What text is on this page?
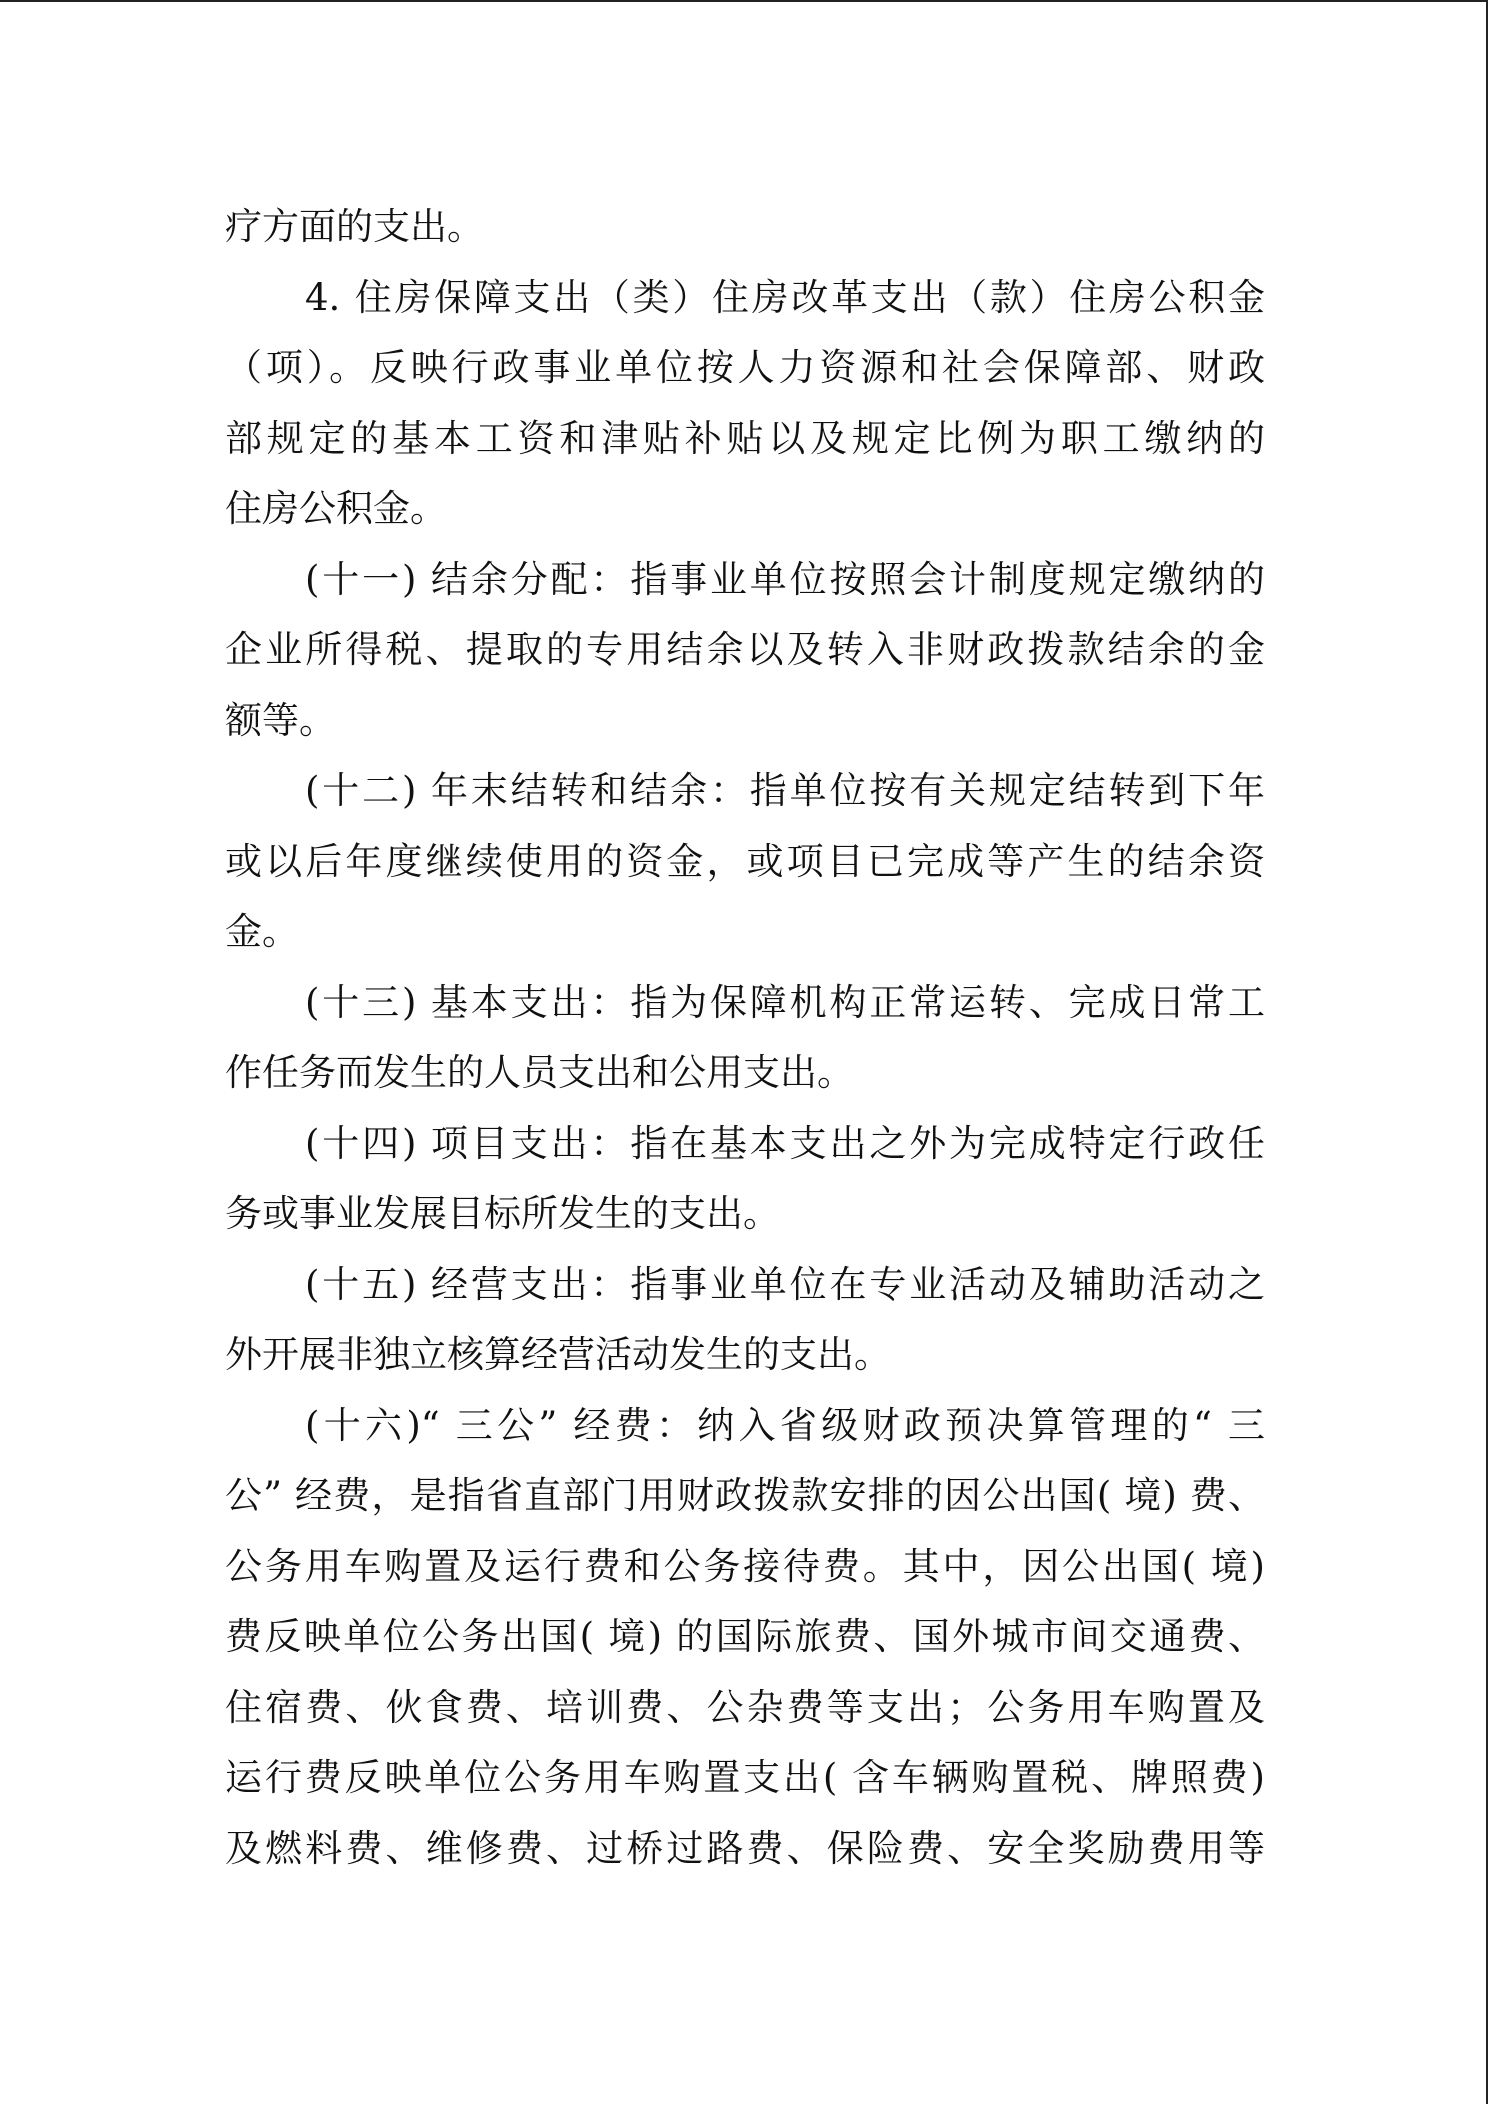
疗方面的支出。
4. 住房保障支出（类）住房改革支出（款）住房公积金
（项）。反映行政事业单位按人力资源和社会保障部、财政
部规定的基本工资和津贴补贴以及规定比例为职工缴纳的
住房公积金。
(十一) 结余分配：指事业单位按照会计制度规定缴纳的
企业所得税、提取的专用结余以及转入非财政拨款结余的金
额等。
(十二) 年末结转和结余：指单位按有关规定结转到下年
或以后年度继续使用的资金，或项目已完成等产生的结余资
金。
(十三) 基本支出：指为保障机构正常运转、完成日常工
作任务而发生的人员支出和公用支出。
(十四) 项目支出：指在基本支出之外为完成特定行政任
务或事业发展目标所发生的支出。
(十五) 经营支出：指事业单位在专业活动及辅助活动之
外开展非独立核算经营活动发生的支出。
(十六)“ 三公” 经费：纳入省级财政预决算管理的“ 三
公” 经费，是指省直部门用财政拨款安排的因公出国( 境) 费、
公务用车购置及运行费和公务接待费。其中，因公出国( 境)
费反映单位公务出国( 境) 的国际旅费、国外城市间交通费、
住宿费、伙食费、培训费、公杂费等支出；公务用车购置及
运行费反映单位公务用车购置支出( 含车辆购置税、牌照费)
及燃料费、维修费、过桥过路费、保险费、安全奖励费用等
